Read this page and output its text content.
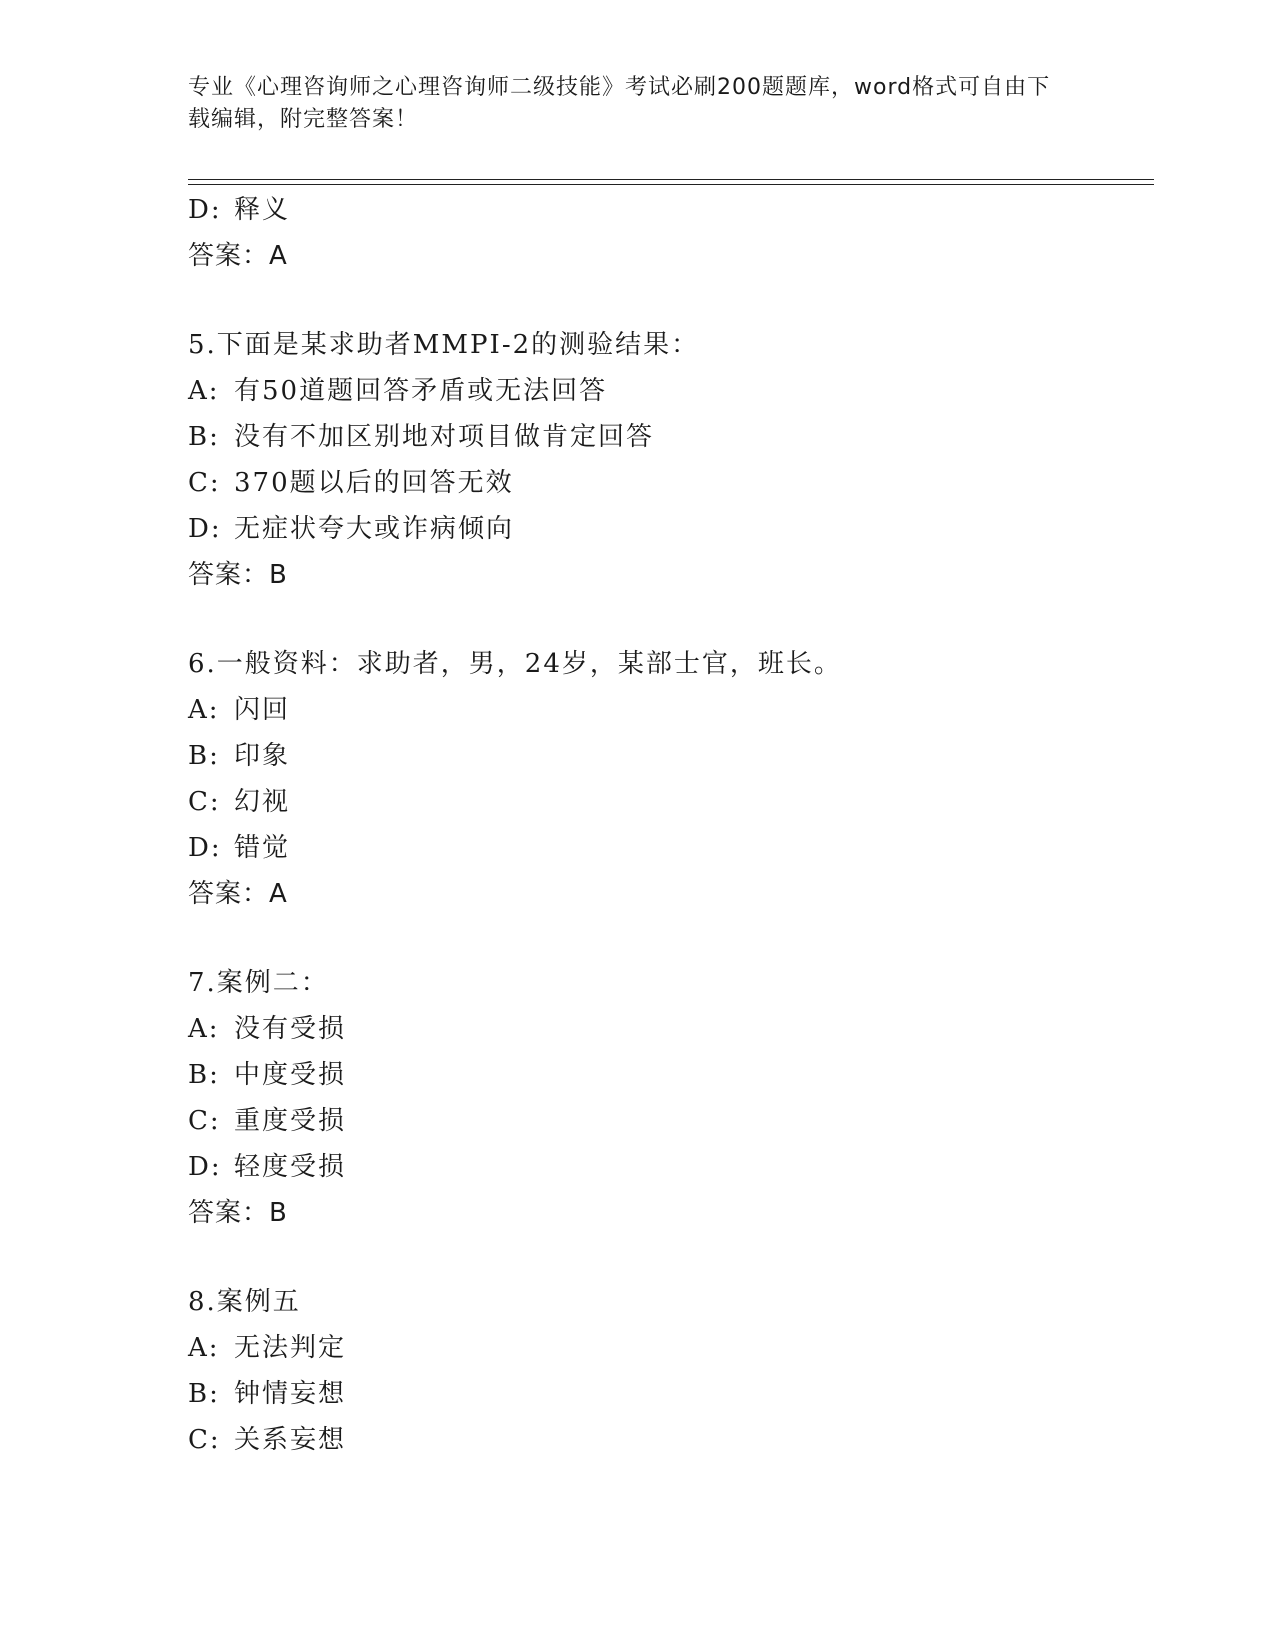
专业《心理咨询师之心理咨询师二级技能》考试必刷200题题库，word格式可自由下载编辑，附完整答案！
D: 释义
答案：A
5.下面是某求助者MMPI-2的测验结果：
A: 有50道题回答矛盾或无法回答
B: 没有不加区别地对项目做肯定回答
C: 370题以后的回答无效
D: 无症状夸大或诈病倾向
答案：B
6.一般资料：求助者，男，24岁，某部士官，班长。
A: 闪回
B: 印象
C: 幻视
D: 错觉
答案：A
7.案例二：
A: 没有受损
B: 中度受损
C: 重度受损
D: 轻度受损
答案：B
8.案例五
A: 无法判定
B: 钟情妄想
C: 关系妄想
